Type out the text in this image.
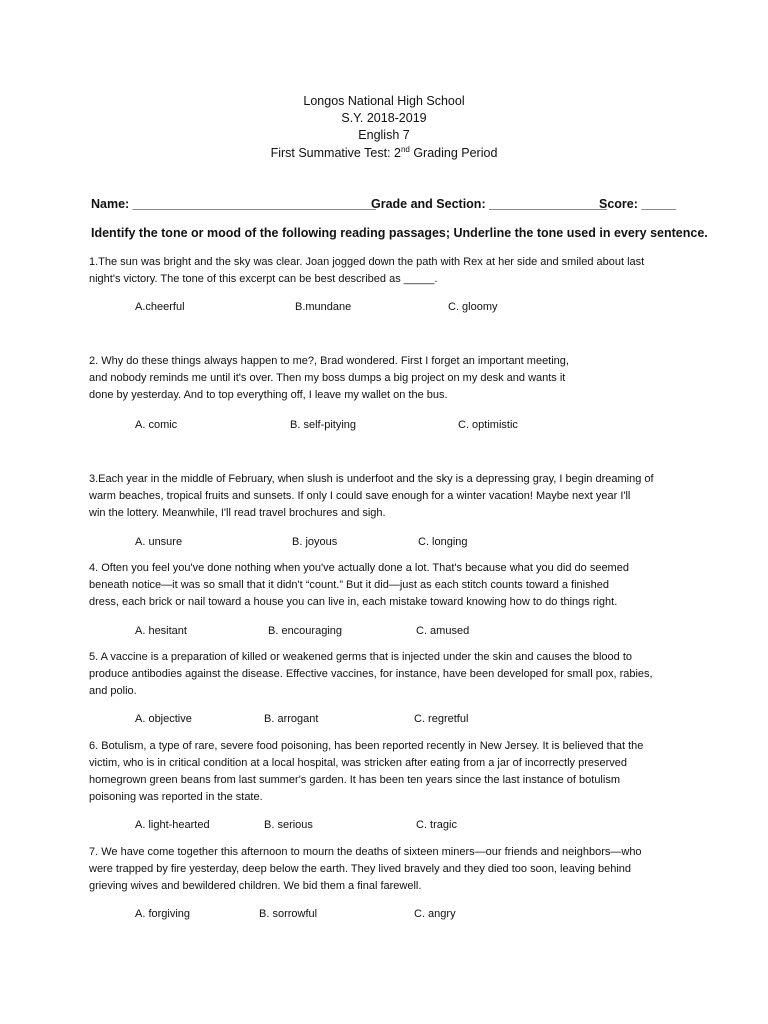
Longos National High School
S.Y. 2018-2019
English 7
First Summative Test: 2nd Grading Period
Name: ___________________________________
Grade and Section: _________________
Score: _____
Identify the tone or mood of the following reading passages; Underline the tone used in every sentence.
1.The sun was bright and the sky was clear. Joan jogged down the path with Rex at her side and smiled about last
night's victory. The tone of this excerpt can be best described as _____.
A.cheerful	B.mundane	C. gloomy
2. Why do these things always happen to me?, Brad wondered. First I forget an important meeting,
and nobody reminds me until it's over. Then my boss dumps a big project on my desk and wants it
done by yesterday. And to top everything off, I leave my wallet on the bus.
A. comic	B. self-pitying	C. optimistic
3.Each year in the middle of February, when slush is underfoot and the sky is a depressing gray, I begin dreaming of
warm beaches, tropical fruits and sunsets. If only I could save enough for a winter vacation! Maybe next year I'll
win the lottery. Meanwhile, I'll read travel brochures and sigh.
A. unsure	B. joyous	C. longing
4. Often you feel you've done nothing when you've actually done a lot. That's because what you did do seemed
beneath notice—it was so small that it didn't “count.” But it did—just as each stitch counts toward a finished
dress, each brick or nail toward a house you can live in, each mistake toward knowing how to do things right.
A. hesitant	B. encouraging	C. amused
5. A vaccine is a preparation of killed or weakened germs that is injected under the skin and causes the blood to
produce antibodies against the disease. Effective vaccines, for instance, have been developed for small pox, rabies,
and polio.
A. objective	B. arrogant	C. regretful
6. Botulism, a type of rare, severe food poisoning, has been reported recently in New Jersey. It is believed that the
victim, who is in critical condition at a local hospital, was stricken after eating from a jar of incorrectly preserved
homegrown green beans from last summer's garden. It has been ten years since the last instance of botulism
poisoning was reported in the state.
A. light-hearted	B. serious	C. tragic
7. We have come together this afternoon to mourn the deaths of sixteen miners—our friends and neighbors—who
were trapped by fire yesterday, deep below the earth. They lived bravely and they died too soon, leaving behind
grieving wives and bewildered children. We bid them a final farewell.
A. forgiving	B. sorrowful	C. angry
